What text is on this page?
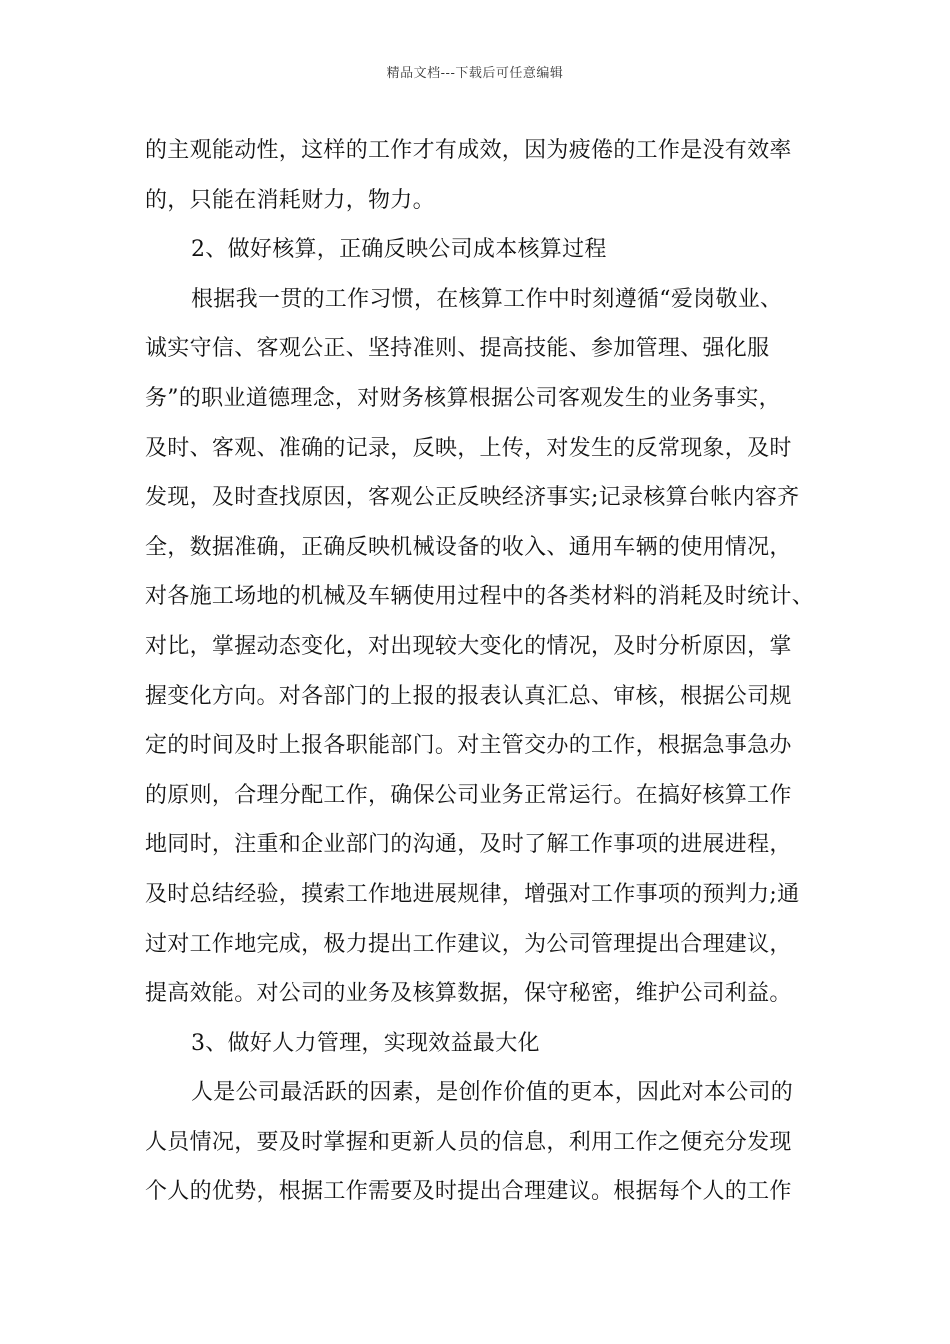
精品文档---下载后可任意编辑
的主观能动性，这样的工作才有成效，因为疲倦的工作是没有效率
的，只能在消耗财力，物力。
2、做好核算，正确反映公司成本核算过程
根据我一贯的工作习惯，在核算工作中时刻遵循“爱岗敬业、
诚实守信、客观公正、坚持准则、提高技能、参加管理、强化服
务”的职业道德理念，对财务核算根据公司客观发生的业务事实，
及时、客观、准确的记录，反映，上传，对发生的反常现象，及时
发现，及时查找原因，客观公正反映经济事实;记录核算台帐内容齐
全，数据准确，正确反映机械设备的收入、通用车辆的使用情况，
对各施工场地的机械及车辆使用过程中的各类材料的消耗及时统计、
对比，掌握动态变化，对出现较大变化的情况，及时分析原因，掌
握变化方向。对各部门的上报的报表认真汇总、审核，根据公司规
定的时间及时上报各职能部门。对主管交办的工作，根据急事急办
的原则，合理分配工作，确保公司业务正常运行。在搞好核算工作
地同时，注重和企业部门的沟通，及时了解工作事项的进展进程，
及时总结经验，摸索工作地进展规律，增强对工作事项的预判力;通
过对工作地完成，极力提出工作建议，为公司管理提出合理建议，
提高效能。对公司的业务及核算数据，保守秘密，维护公司利益。
3、做好人力管理，实现效益最大化
人是公司最活跃的因素，是创作价值的更本，因此对本公司的
人员情况，要及时掌握和更新人员的信息，利用工作之便充分发现
个人的优势，根据工作需要及时提出合理建议。根据每个人的工作
